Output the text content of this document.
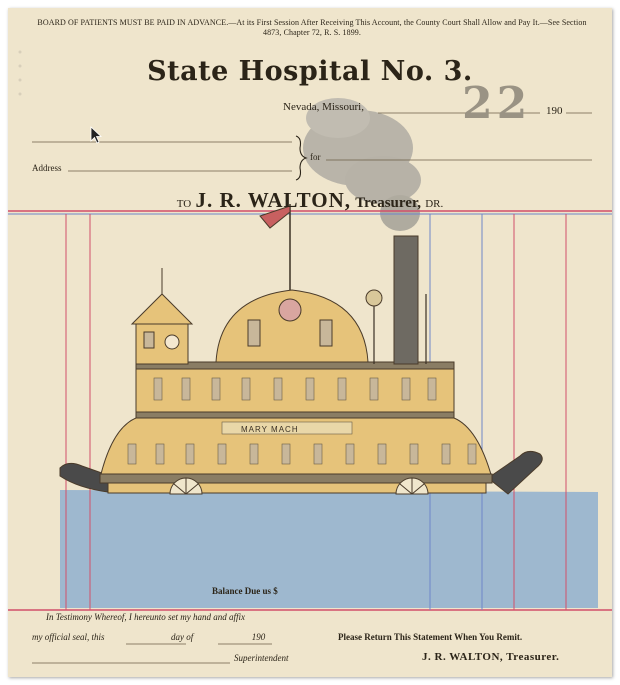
BOARD OF PATIENTS MUST BE PAID IN ADVANCE.—At its First Session After Receiving This Account, the County Court Shall Allow and Pay It.—See Section 4873, Chapter 72, R. S. 1899.
State Hospital No. 3.
22
Nevada, Missouri,	190
Address
for
TO J. R. WALTON, Treasurer, DR.
MARY MACH
Balance Due us $
In Testimony Whereof, I hereunto set my hand and affix
my official seal, this	day of	190
Superintendent
Please Return This Statement When You Remit.
J. R. WALTON, Treasurer.
